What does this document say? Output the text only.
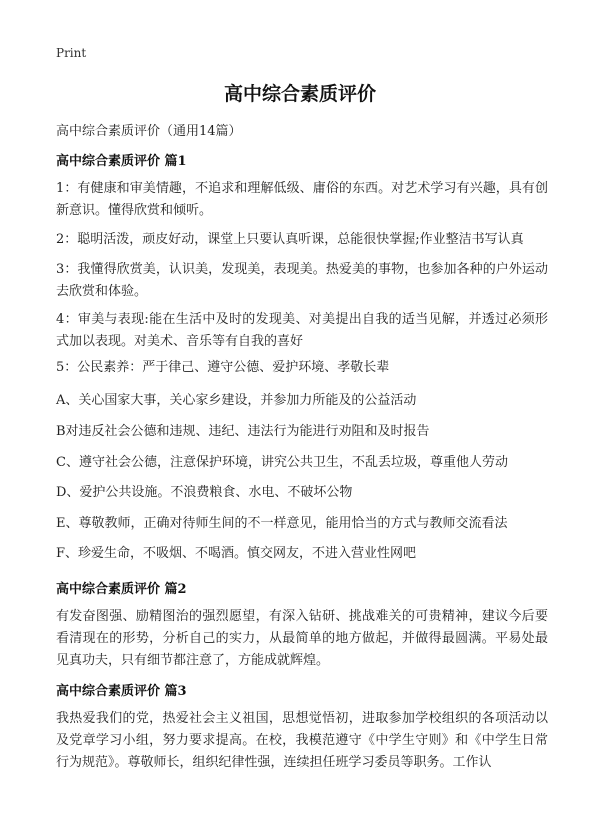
Print
高中综合素质评价
高中综合素质评价（通用14篇）
高中综合素质评价 篇1
1：有健康和审美情趣，不追求和理解低级、庸俗的东西。对艺术学习有兴趣，具有创新意识。懂得欣赏和倾听。
2：聪明活泼，顽皮好动，课堂上只要认真听课，总能很快掌握;作业整洁书写认真
3：我懂得欣赏美，认识美，发现美，表现美。热爱美的事物，也参加各种的户外运动去欣赏和体验。
4：审美与表现:能在生活中及时的发现美、对美提出自我的适当见解，并透过必须形式加以表现。对美术、音乐等有自我的喜好
5：公民素养：严于律己、遵守公德、爱护环境、孝敬长辈
A、关心国家大事，关心家乡建设，并参加力所能及的公益活动
B对违反社会公德和违规、违纪、违法行为能进行劝阻和及时报告
C、遵守社会公德，注意保护环境，讲究公共卫生，不乱丢垃圾，尊重他人劳动
D、爱护公共设施。不浪费粮食、水电、不破坏公物
E、尊敬教师，正确对待师生间的不一样意见，能用恰当的方式与教师交流看法
F、珍爱生命，不吸烟、不喝酒。慎交网友，不进入营业性网吧
高中综合素质评价 篇2
有发奋图强、励精图治的强烈愿望，有深入钻研、挑战难关的可贵精神，建议今后要看清现在的形势，分析自己的实力，从最简单的地方做起，并做得最圆满。平易处最见真功夫，只有细节都注意了，方能成就辉煌。
高中综合素质评价 篇3
我热爱我们的党，热爱社会主义祖国，思想觉悟初，进取参加学校组织的各项活动以及党章学习小组，努力要求提高。在校，我模范遵守《中学生守则》和《中学生日常行为规范》。尊敬师长，组织纪律性强，连续担任班学习委员等职务。工作认
